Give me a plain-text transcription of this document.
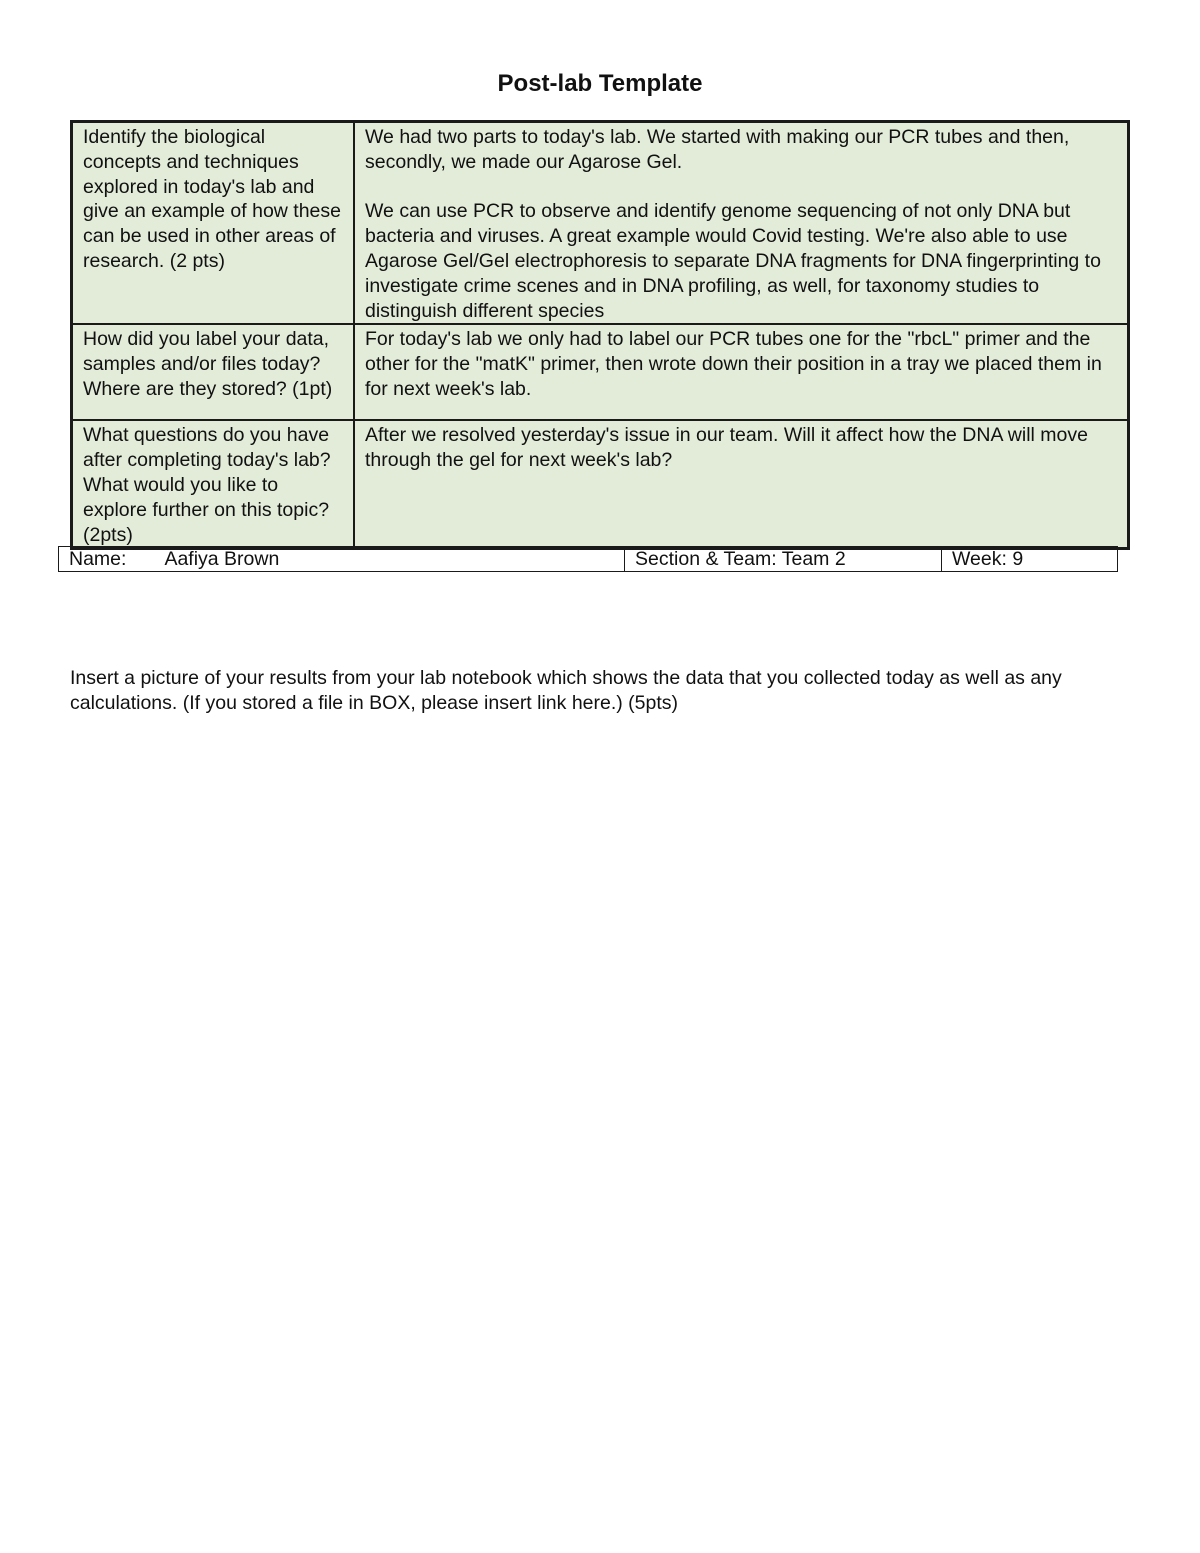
Post-lab Template
Identify the biological concepts and techniques explored in today's lab and give an example of how these can be used in other areas of research. (2 pts)	We had two parts to today's lab. We started with making our PCR tubes and then, secondly, we made our Agarose Gel.
We can use PCR to observe and identify genome sequencing of not only DNA but bacteria and viruses. A great example would Covid testing. We're also able to use Agarose Gel/Gel electrophoresis to separate DNA fragments for DNA fingerprinting to investigate crime scenes and in DNA profiling, as well, for taxonomy studies to distinguish different species

How did you label your data, samples and/or files today? Where are they stored? (1pt)	For today's lab we only had to label our PCR tubes one for the "rbcL" primer and the other for the "matK" primer, then wrote down their position in a tray we placed them in for next week's lab.

What questions do you have after completing today's lab? What would you like to explore further on this topic? (2pts)	After we resolved yesterday's issue in our team. Will it affect how the DNA will move through the gel for next week's lab?
Name: Aafiya Brown	Section & Team: Team 2	Week: 9
Insert a picture of your results from your lab notebook which shows the data that you collected today as well as any calculations. (If you stored a file in BOX, please insert link here.) (5pts)
